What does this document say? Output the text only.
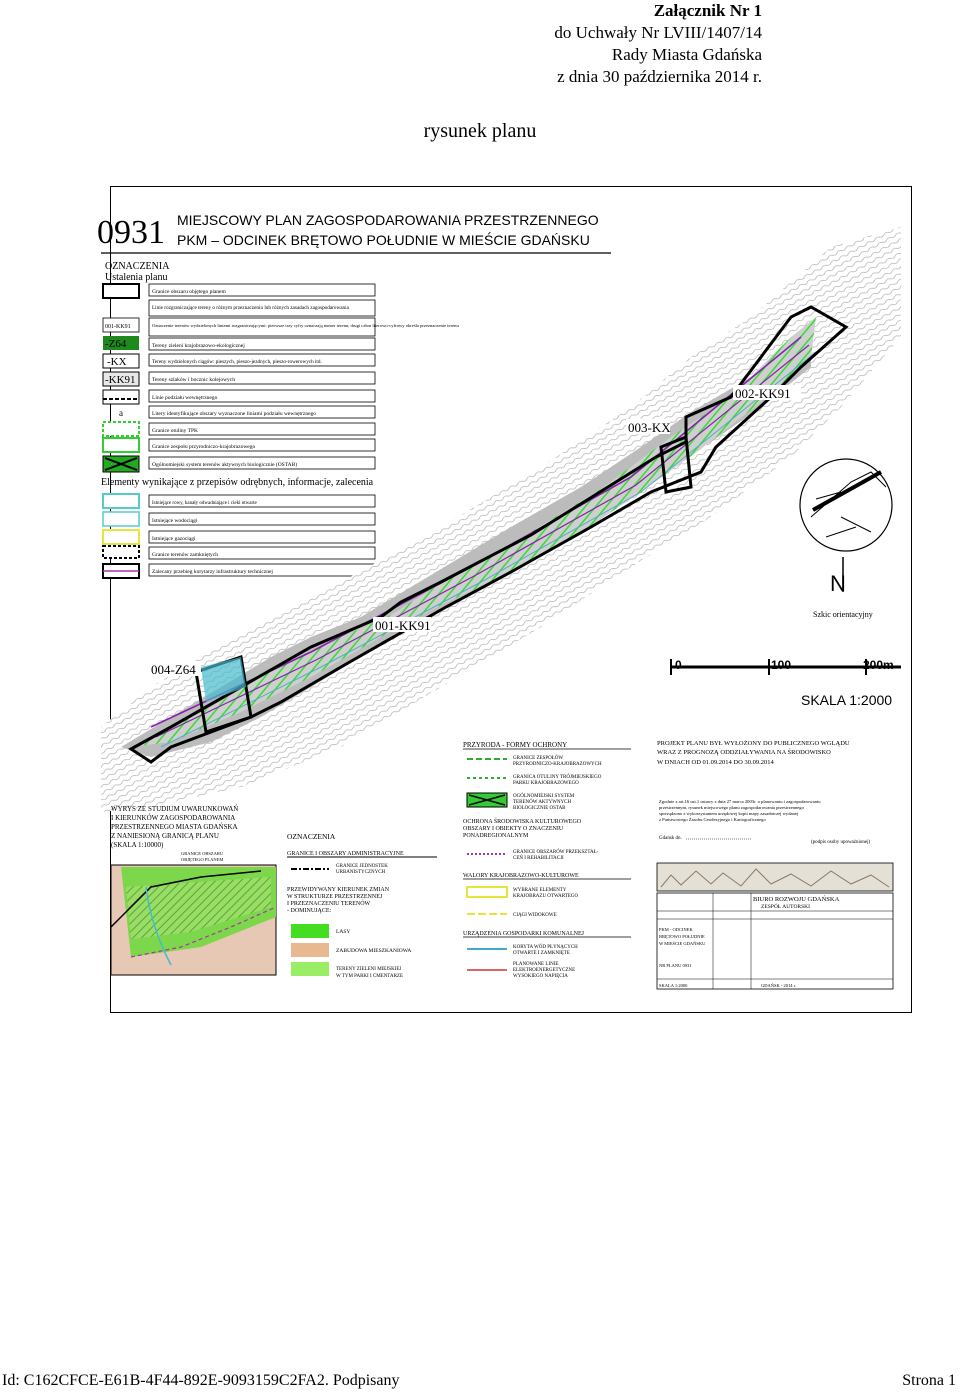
Załącznik Nr 1
do Uchwały Nr LVIII/1407/14
Rady Miasta Gdańska
z dnia 30 października 2014 r.
rysunek planu
0931 MIEJSCOWY PLAN ZAGOSPODAROWANIA PRZESTRZENNEGO
PKM – ODCINEK BRĘTOWO POŁUDNIE W MIEŚCIE GDAŃSKU
OZNACZENIA
Ustalenia planu
Granice obszaru objętego planem
Linie rozgraniczające tereny o różnym przeznaczeniu lub różnych zasadach zagospodarowania
001-KK91	Oznaczenie terenów wydzielonych liniami rozgraniczającymi: pierwsze trzy cyfry oznaczają numer terenu, drugi człon literowo-cyfrowy określa przeznaczenie terenu
-Z64	Tereny zieleni krajobrazowo-ekologicznej
-KX	Tereny wydzielonych ciągów: pieszych, pieszo-jezdnych, pieszo-rowerowych itd.
-KK91	Tereny szlaków i bocznic kolejowych
Linie podziału wewnętrznego
a	Litery identyfikujące obszary wyznaczone liniami podziału wewnętrznego
Granice otuliny TPK
Granice zespołu przyrodniczo-krajobrazowego
Ogólnomiejski system terenów aktywnych biologicznie (OSTAB)
Elementy wynikające z przepisów odrębnych, informacje, zalecenia
Istniejące rowy, kanały odwadniające i cieki otwarte
Istniejące wodociągi
Istniejące gazociągi
Granice terenów zamkniętych
Zalecany przebieg korytarzy infrastruktury technicznej
002-KK91
003-KX
001-KK91
004-Z64
N
Szkic orientacyjny
0	100	200m
SKALA 1:2000
WYRYS ZE STUDIUM UWARUNKOWAŃ
I KIERUNKÓW ZAGOSPODAROWANIA
PRZESTRZENNEGO MIASTA GDAŃSKA
Z NANIESIONĄ GRANICĄ PLANU
(SKALA 1:10000)
GRANICE OBSZARU
OBJĘTEGO PLANEM
OZNACZENIA
GRANICE I OBSZARY ADMINISTRACYJNE
GRANICE JEDNOSTEK
URBANISTYCZNYCH
PRZEWIDYWANY KIERUNEK ZMIAN
W STRUKTURZE PRZESTRZENNEJ
I PRZEZNACZENIU TERENÓW
- DOMINUJĄCE:
LASY
ZABUDOWA MIESZKANIOWA
TERENY ZIELENI MIEJSKIEJ
W TYM PARKI I CMENTARZE
PRZYRODA - FORMY OCHRONY
GRANICE ZESPOŁÓW
PRZYRODNICZO-KRAJOBRAZOWYCH
GRANICA OTULINY TRÓJMIEJSKIEGO
PARKU KRAJOBRAZOWEGO
OGÓLNOMIEJSKI SYSTEM
TERENÓW AKTYWNYCH
BIOLOGICZNIE OSTAB
OCHRONA ŚRODOWISKA KULTUROWEGO
OBSZARY I OBIEKTY O ZNACZENIU
PONADREGIONALNYM
GRANICE OBSZARÓW PRZEKSZTAŁ-
CEŃ I REHABILITACJI
WALORY KRAJOBRAZOWO-KULTUROWE
WYBRANE ELEMENTY
KRAJOBRAZU OTWARTEGO
CIĄGI WIDOKOWE
URZĄDZENIA GOSPODARKI KOMUNALNEJ
KORYTA WÓD PŁYNĄCYCH
OTWARTE I ZAMKNIĘTE
PLANOWANE LINIE
ELEKTROENERGETYCZNE
WYSOKIEGO NAPIĘCIA
PROJEKT PLANU BYŁ WYŁOŻONY DO PUBLICZNEGO WGLĄDU
WRAZ Z PROGNOZĄ ODDZIAŁYWANIA NA ŚRODOWISKO
W DNIACH OD 01.09.2014 DO 30.09.2014
Zgodnie z art.16 ust.1 ustawy z dnia 27 marca 2003r. o planowaniu i zagospodarowaniu
przestrzennym, rysunek miejscowego planu zagospodarowania przestrzennego
sporządzono z wykorzystaniem urzędowej kopii mapy zasadniczej wydanej
z Państwowego Zasobu Geodezyjnego i Kartograficznego
Gdańsk dn.
(podpis osoby upoważnionej)
BIURO ROZWOJU GDAŃSKA
ZESPÓŁ AUTORSKI
PKM - ODCINEK
BRĘTOWO POŁUDNIE
W MIEŚCIE GDAŃSKU
NR PLANU 0931
SKALA 1:2000	GDAŃSK - 2014 r.
Id: C162CFCE-E61B-4F44-892E-9093159C2FA2. Podpisany	Strona 1
